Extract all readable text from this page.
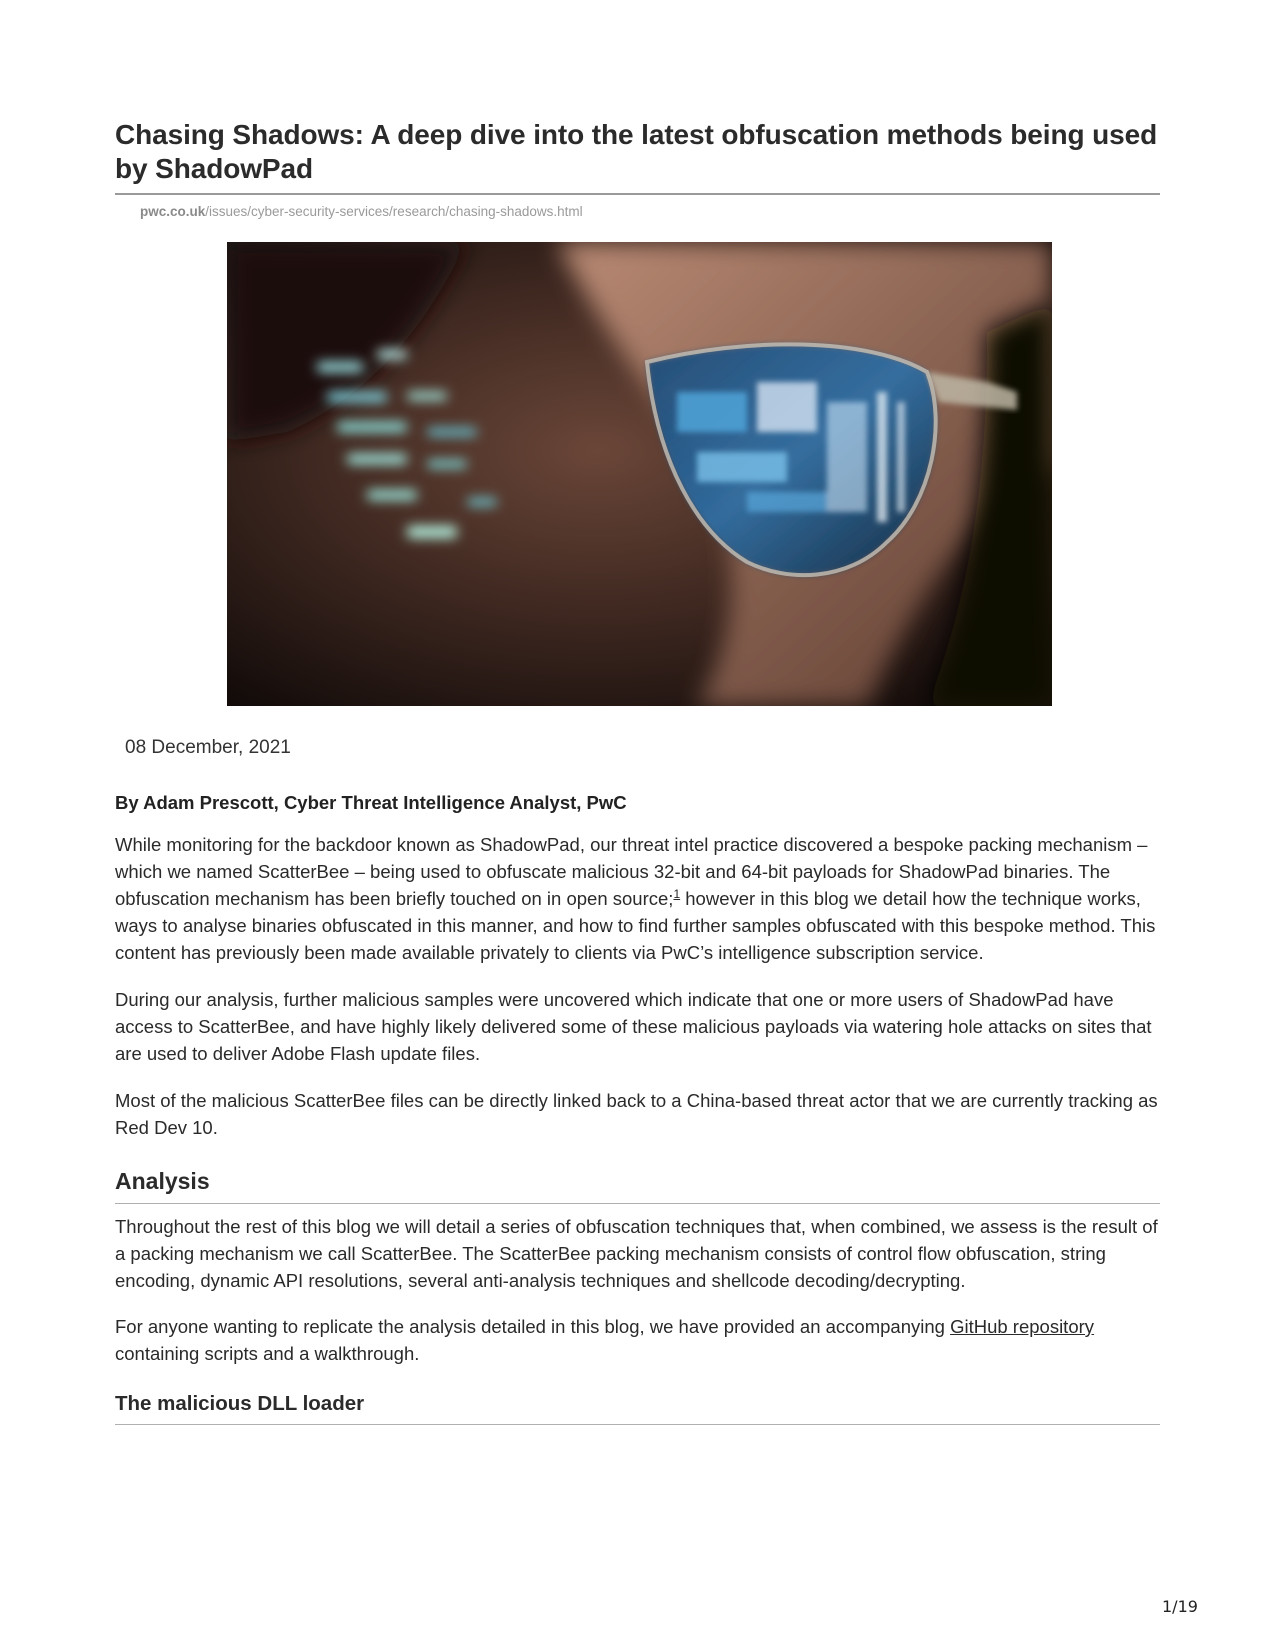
Chasing Shadows: A deep dive into the latest obfuscation methods being used by ShadowPad
pwc.co.uk/issues/cyber-security-services/research/chasing-shadows.html
08 December, 2021
By Adam Prescott, Cyber Threat Intelligence Analyst, PwC

While monitoring for the backdoor known as ShadowPad, our threat intel practice discovered a bespoke packing mechanism – which we named ScatterBee – being used to obfuscate malicious 32-bit and 64-bit payloads for ShadowPad binaries. The obfuscation mechanism has been briefly touched on in open source;$^1$ however in this blog we detail how the technique works, ways to analyse binaries obfuscated in this manner, and how to find further samples obfuscated with this bespoke method. This content has previously been made available privately to clients via PwC’s intelligence subscription service.

During our analysis, further malicious samples were uncovered which indicate that one or more users of ShadowPad have access to ScatterBee, and have highly likely delivered some of these malicious payloads via watering hole attacks on sites that are used to deliver Adobe Flash update files.

Most of the malicious ScatterBee files can be directly linked back to a China-based threat actor that we are currently tracking as Red Dev 10.

Analysis

Throughout the rest of this blog we will detail a series of obfuscation techniques that, when combined, we assess is the result of a packing mechanism we call ScatterBee. The ScatterBee packing mechanism consists of control flow obfuscation, string encoding, dynamic API resolutions, several anti-analysis techniques and shellcode decoding/decrypting.

For anyone wanting to replicate the analysis detailed in this blog, we have provided an accompanying GitHub repository containing scripts and a walkthrough.

The malicious DLL loader
1/19
